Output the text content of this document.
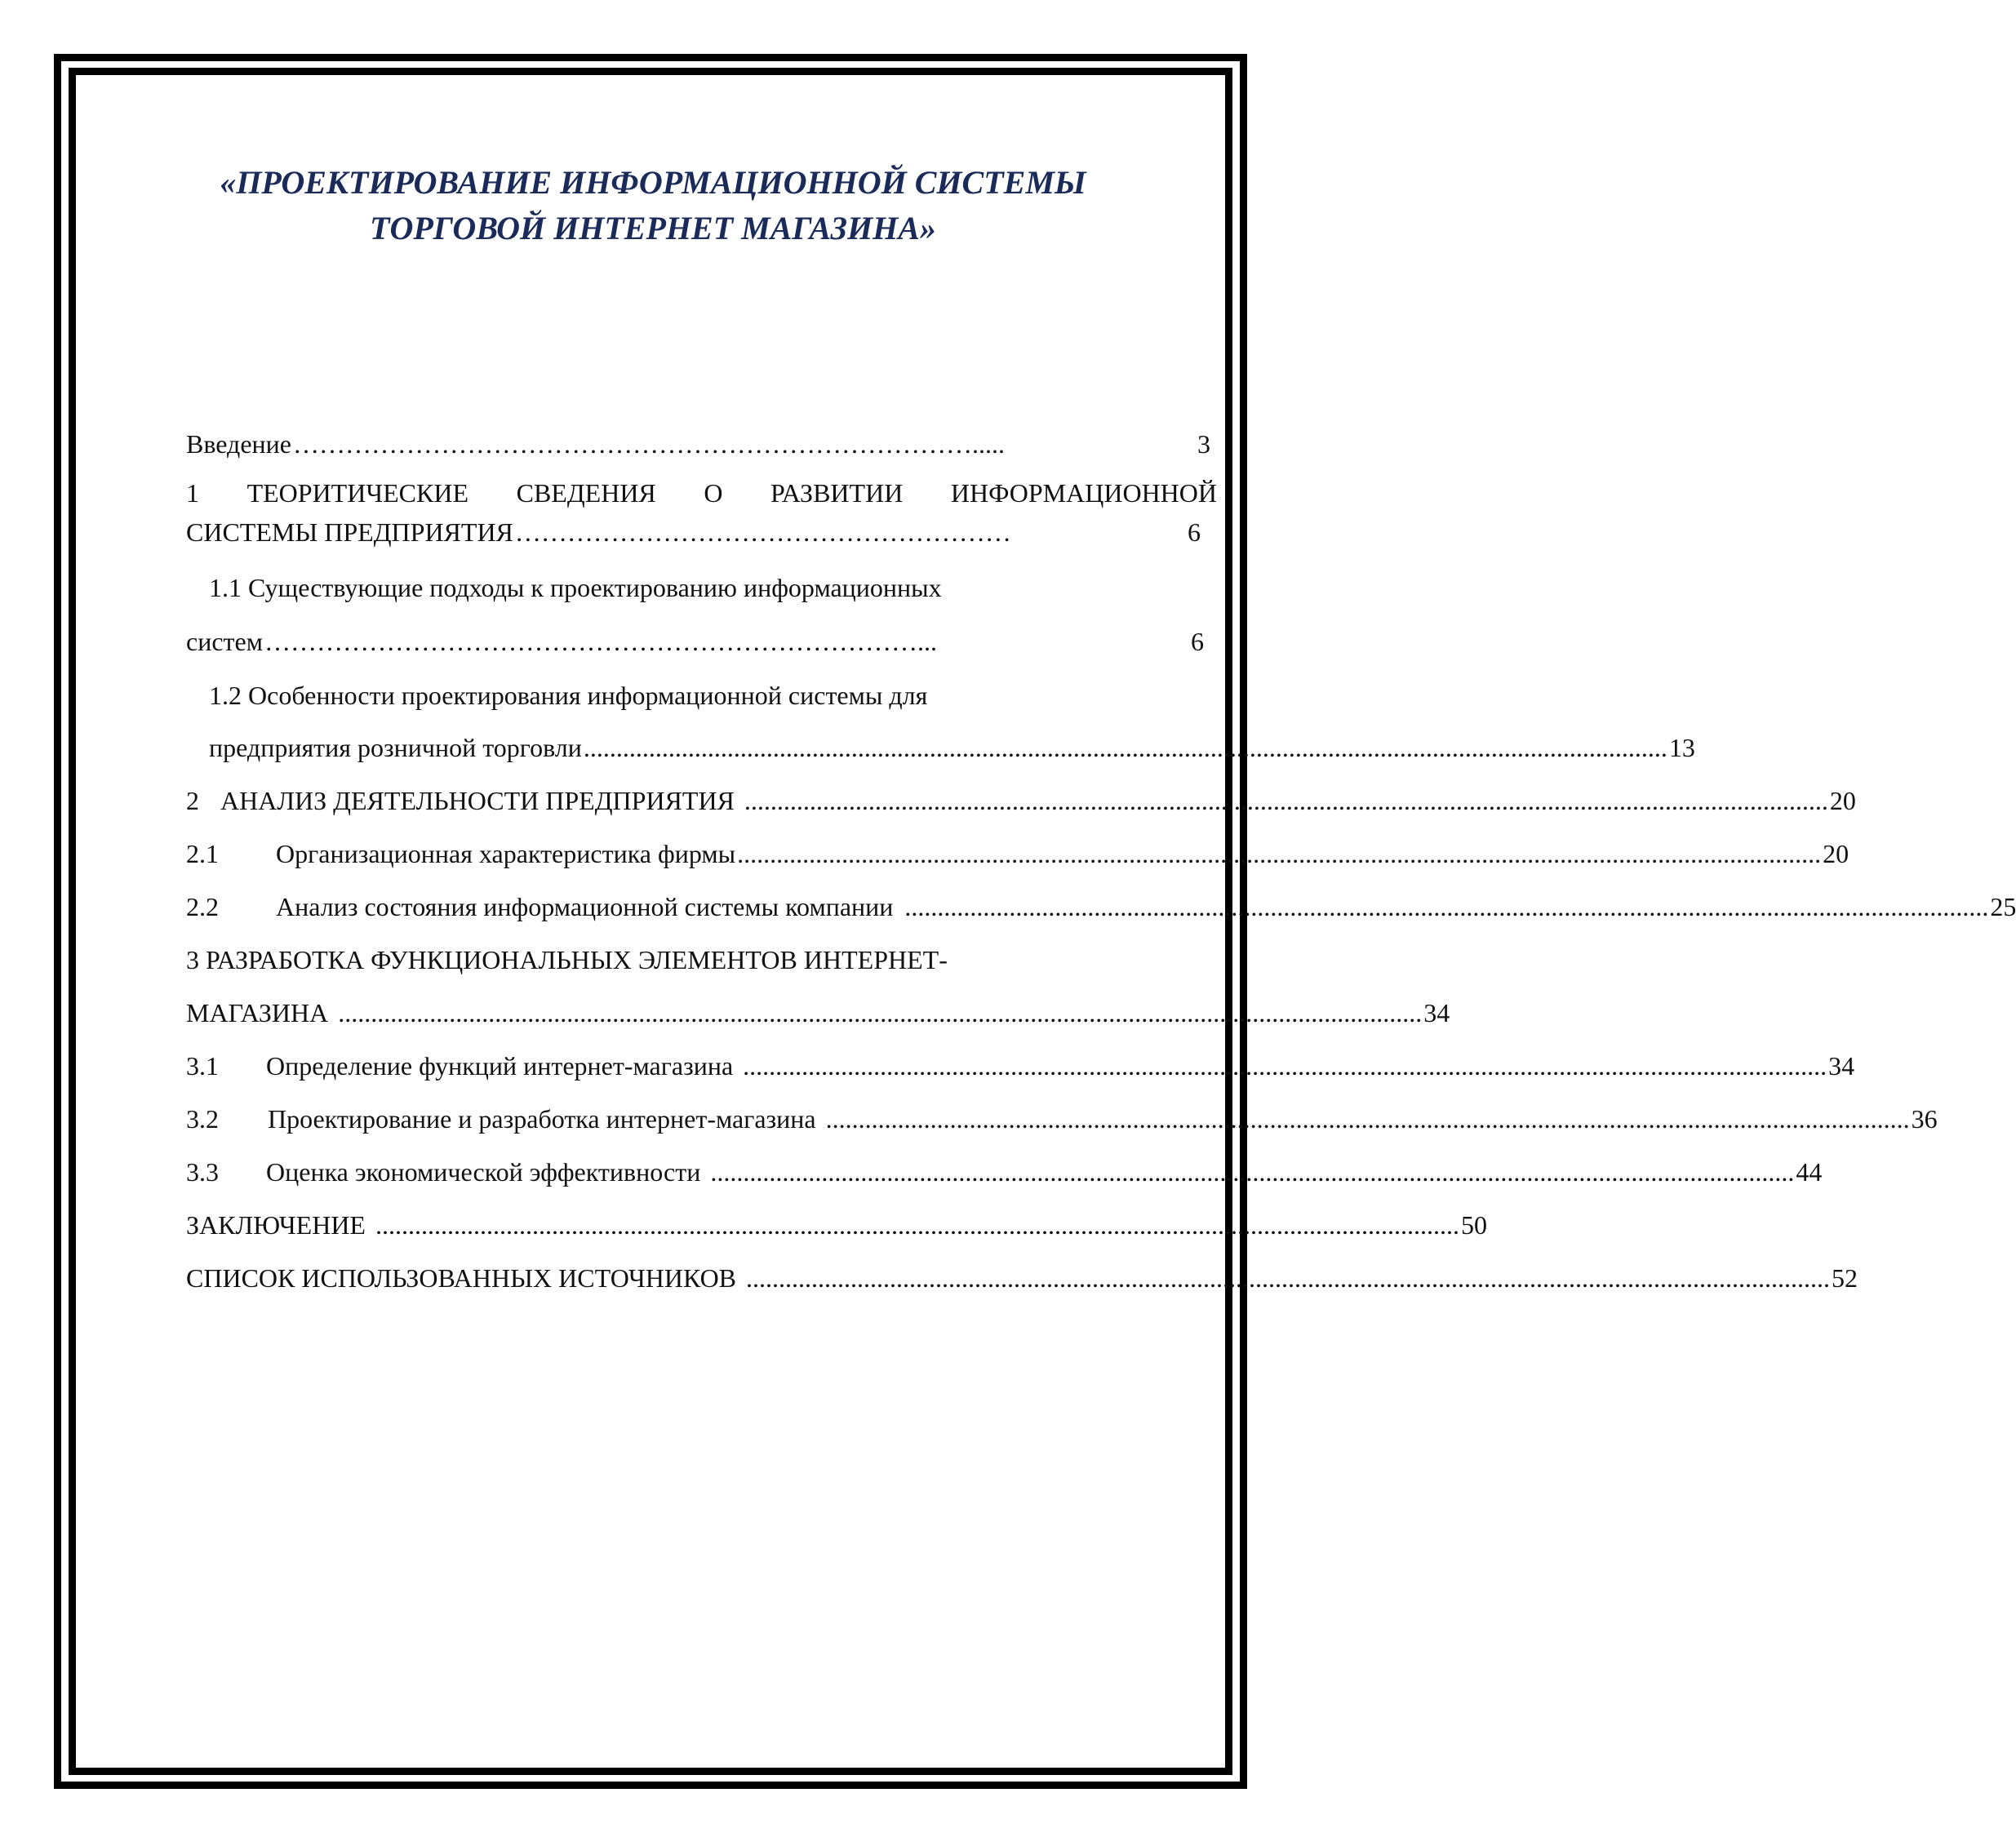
«ПРОЕКТИРОВАНИЕ ИНФОРМАЦИОННОЙ СИСТЕМЫ
ТОРГОВОЙ ИНТЕРНЕТ МАГАЗИНА»
Введение …………………………………………………………………….....	3
1 ТЕОРИТИЧЕСКИЕ СВЕДЕНИЯ О РАЗВИТИИ ИНФОРМАЦИОННОЙ
СИСТЕМЫ ПРЕДПРИЯТИЯ …………………………………………………	6
1.1 Существующие подходы к проектированию информационных
систем …………………………………………………………………...	6
1.2 Особенности проектирования информационной системы для
предприятия розничной торговли ...................................................................................................................................................................... 13
2 АНАЛИЗ ДЕЯТЕЛЬНОСТИ ПРЕДПРИЯТИЯ ...................................................................................................................................................................... 20
2.1	Организационная характеристика фирмы ...................................................................................................................................................................... 20
2.2	Анализ состояния информационной системы компании ...................................................................................................................................................................... 25
3 РАЗРАБОТКА ФУНКЦИОНАЛЬНЫХ ЭЛЕМЕНТОВ ИНТЕРНЕТ-
МАГАЗИНА ...................................................................................................................................................................... 34
3.1	Определение функций интернет-магазина ...................................................................................................................................................................... 34
3.2	Проектирование и разработка интернет-магазина ...................................................................................................................................................................... 36
3.3	Оценка экономической эффективности ...................................................................................................................................................................... 44
ЗАКЛЮЧЕНИЕ ...................................................................................................................................................................... 50
СПИСОК ИСПОЛЬЗОВАННЫХ ИСТОЧНИКОВ ...................................................................................................................................................................... 52
